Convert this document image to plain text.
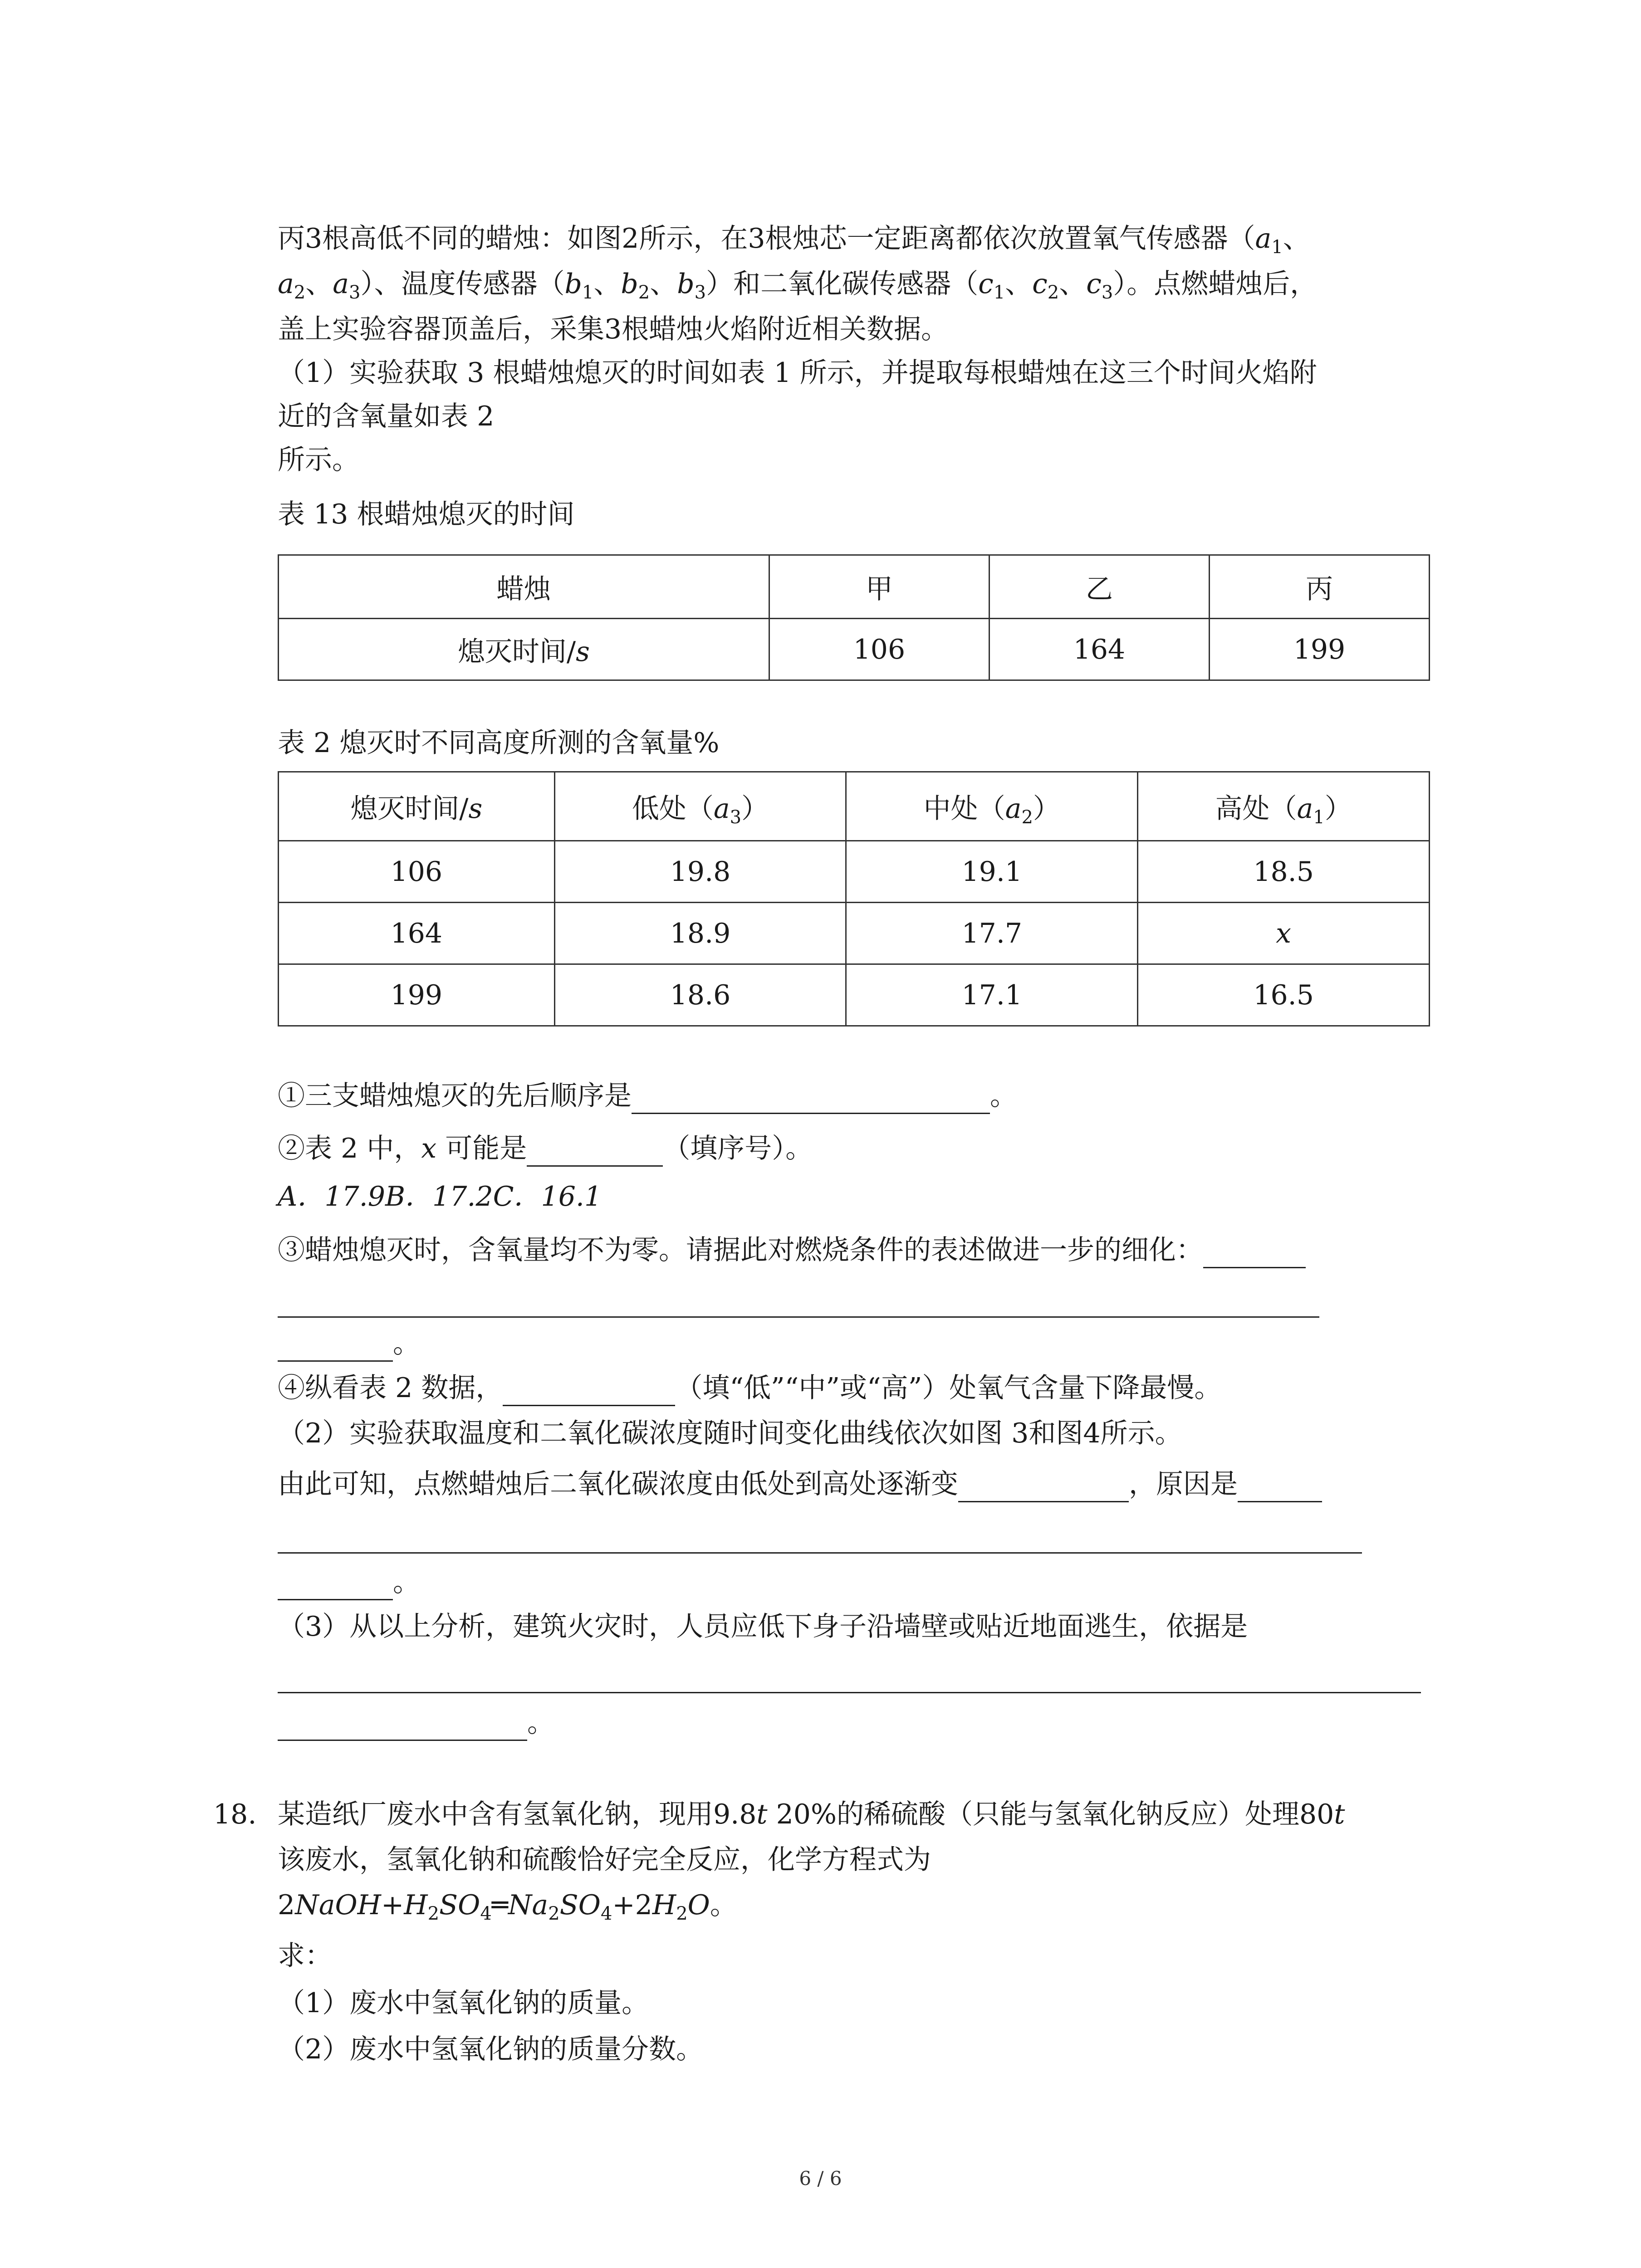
丙3根高低不同的蜡烛：如图2所示，在3根烛芯一定距离都依次放置氧气传感器（$a_1$、
$a_2$、$a_3$）、温度传感器（$b_1$、$b_2$、$b_3$）和二氧化碳传感器（$c_1$、$c_2$、$c_3$）。点燃蜡烛后，
盖上实验容器顶盖后，采集3根蜡烛火焰附近相关数据。
（1）实验获取 3 根蜡烛熄灭的时间如表 1 所示，并提取每根蜡烛在这三个时间火焰附
近的含氧量如表 2
所示。
表 13 根蜡烛熄灭的时间
蜡烛	甲	乙	丙
熄灭时间/s	106	164	199
表 2 熄灭时不同高度所测的含氧量%
熄灭时间/s	低处$(a_3)$	中处$(a_2)$	高处$(a_1)$
106	19.8	19.1	18.5
164	18.9	17.7	x
199	18.6	17.1	16.5
①三支蜡烛熄灭的先后顺序是	。
②表 2 中，x 可能是	（填序号）。
A．17.9B．17.2C．16.1
③蜡烛熄灭时，含氧量均不为零。请据此对燃烧条件的表述做进一步的细化：
。
④纵看表 2 数据，	（填“低”“中”或“高”）处氧气含量下降最慢。
（2）实验获取温度和二氧化碳浓度随时间变化曲线依次如图 3和图4所示。
由此可知，点燃蜡烛后二氧化碳浓度由低处到高处逐渐变	，原因是
。
（3）从以上分析，建筑火灾时，人员应低下身子沿墙壁或贴近地面逃生，依据是
。
18. 某造纸厂废水中含有氢氧化钠，现用9.8t 20%的稀硫酸（只能与氢氧化钠反应）处理80t
该废水，氢氧化钠和硫酸恰好完全反应，化学方程式为
$2NaOH+H_2SO_4═Na_2SO_4+2H_2O$。
求：
（1）废水中氢氧化钠的质量。
（2）废水中氢氧化钠的质量分数。
6 / 6
